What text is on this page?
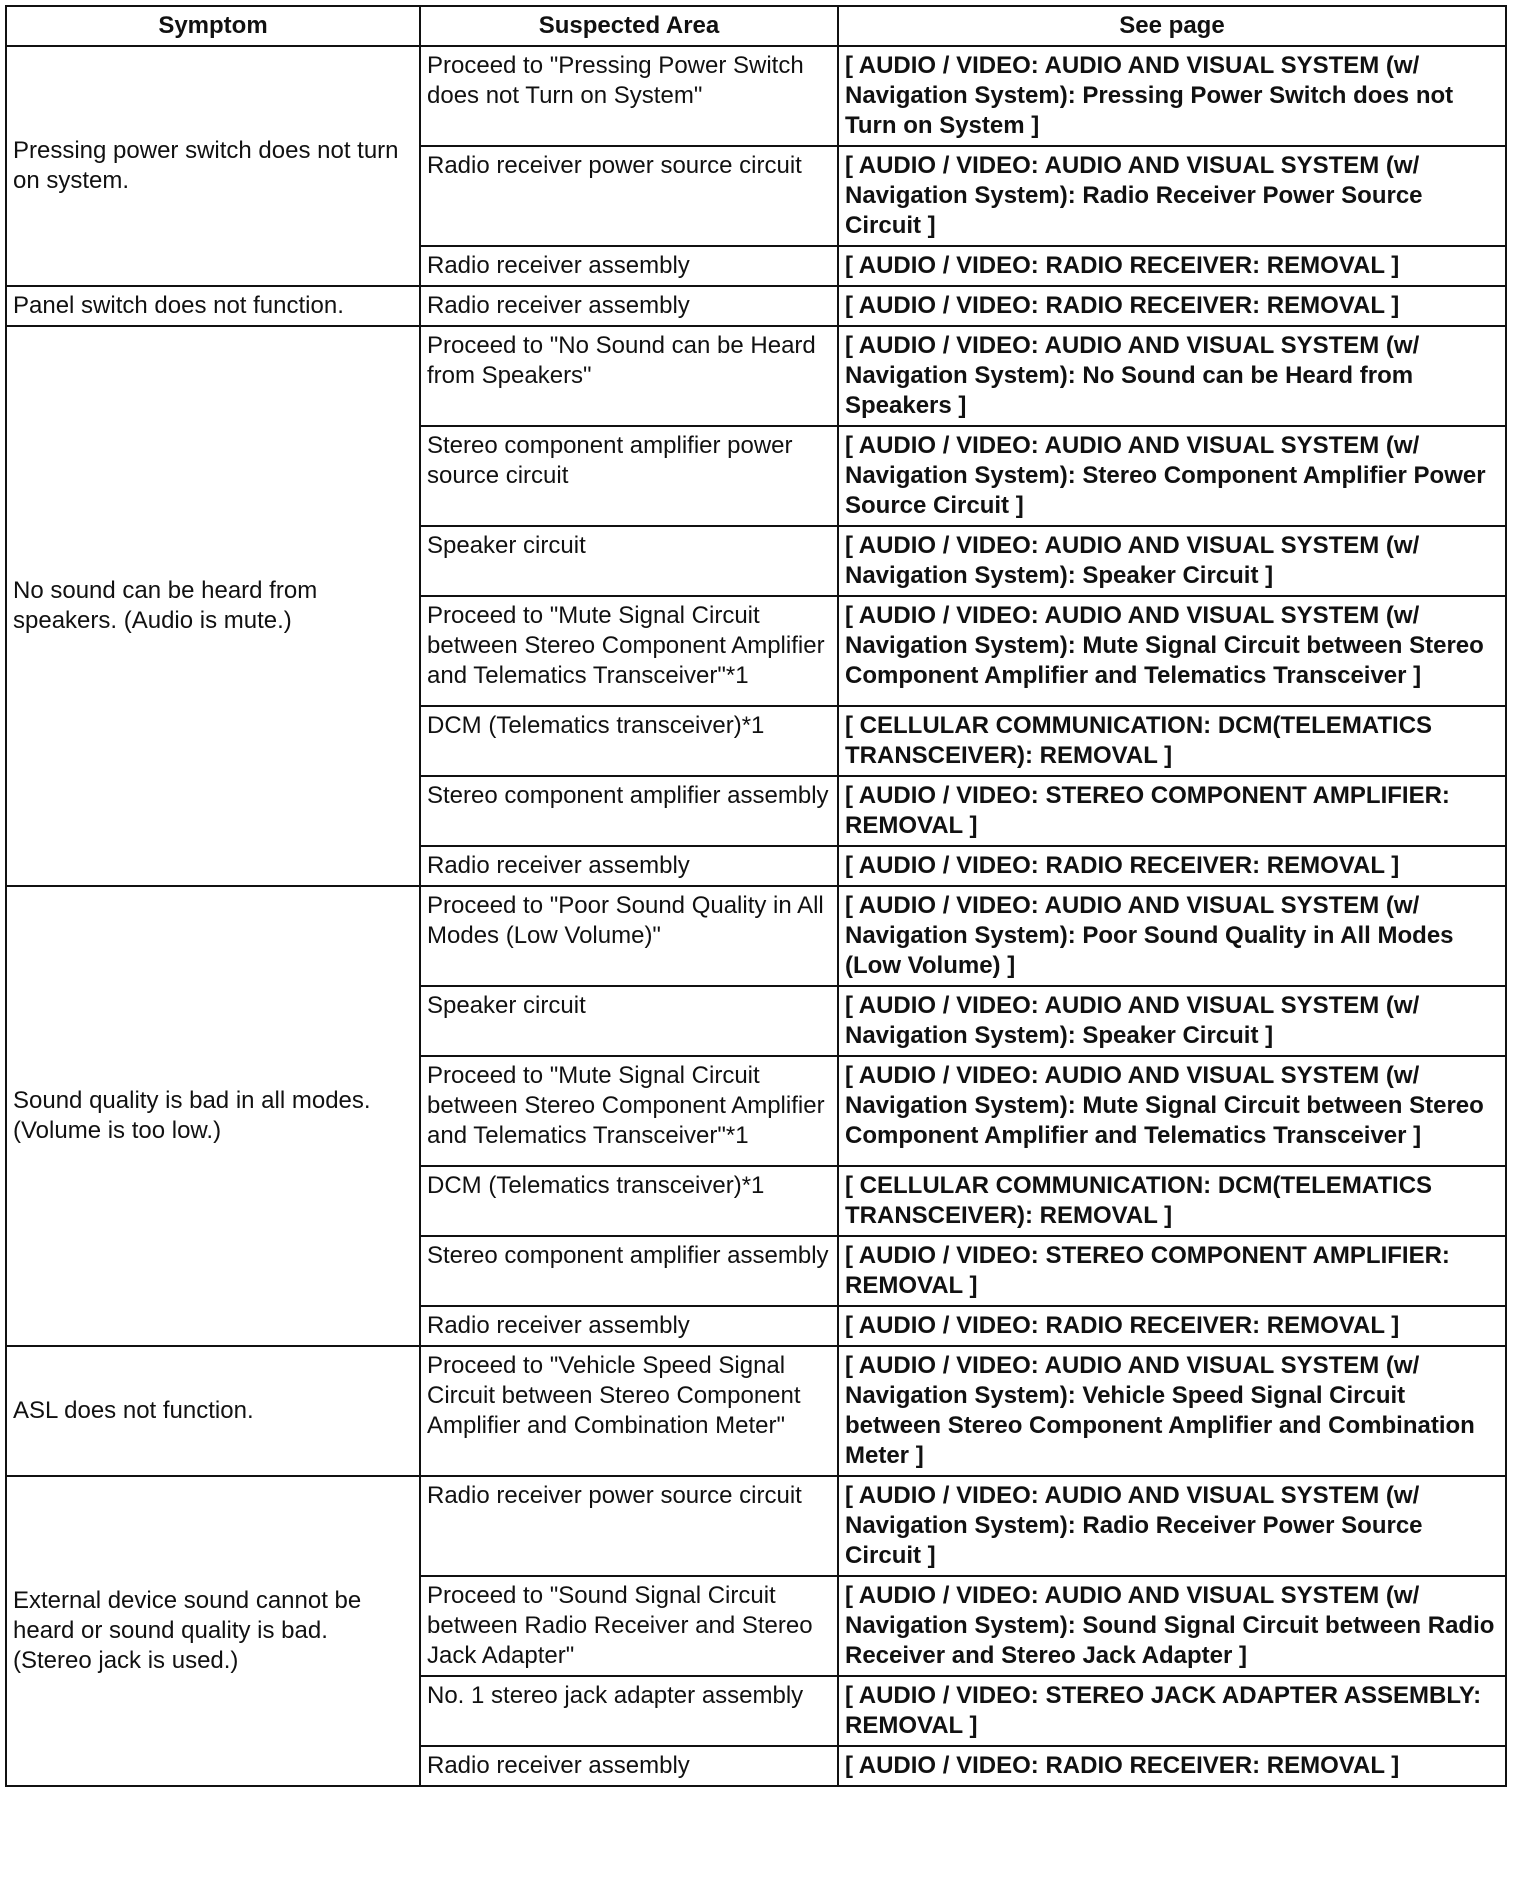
Symptom	Suspected Area	See page
Pressing power switch does not turn on system.	Proceed to "Pressing Power Switch does not Turn on System"	[ AUDIO / VIDEO: AUDIO AND VISUAL SYSTEM (w/ Navigation System): Pressing Power Switch does not Turn on System ]
	Radio receiver power source circuit	[ AUDIO / VIDEO: AUDIO AND VISUAL SYSTEM (w/ Navigation System): Radio Receiver Power Source Circuit ]
	Radio receiver assembly	[ AUDIO / VIDEO: RADIO RECEIVER: REMOVAL ]
Panel switch does not function.	Radio receiver assembly	[ AUDIO / VIDEO: RADIO RECEIVER: REMOVAL ]
No sound can be heard from speakers. (Audio is mute.)	Proceed to "No Sound can be Heard from Speakers"	[ AUDIO / VIDEO: AUDIO AND VISUAL SYSTEM (w/ Navigation System): No Sound can be Heard from Speakers ]
	Stereo component amplifier power source circuit	[ AUDIO / VIDEO: AUDIO AND VISUAL SYSTEM (w/ Navigation System): Stereo Component Amplifier Power Source Circuit ]
	Speaker circuit	[ AUDIO / VIDEO: AUDIO AND VISUAL SYSTEM (w/ Navigation System): Speaker Circuit ]
	Proceed to "Mute Signal Circuit between Stereo Component Amplifier and Telematics Transceiver"*1	[ AUDIO / VIDEO: AUDIO AND VISUAL SYSTEM (w/ Navigation System): Mute Signal Circuit between Stereo Component Amplifier and Telematics Transceiver ]
	DCM (Telematics transceiver)*1	[ CELLULAR COMMUNICATION: DCM(TELEMATICS TRANSCEIVER): REMOVAL ]
	Stereo component amplifier assembly	[ AUDIO / VIDEO: STEREO COMPONENT AMPLIFIER: REMOVAL ]
	Radio receiver assembly	[ AUDIO / VIDEO: RADIO RECEIVER: REMOVAL ]
Sound quality is bad in all modes. (Volume is too low.)	Proceed to "Poor Sound Quality in All Modes (Low Volume)"	[ AUDIO / VIDEO: AUDIO AND VISUAL SYSTEM (w/ Navigation System): Poor Sound Quality in All Modes (Low Volume) ]
	Speaker circuit	[ AUDIO / VIDEO: AUDIO AND VISUAL SYSTEM (w/ Navigation System): Speaker Circuit ]
	Proceed to "Mute Signal Circuit between Stereo Component Amplifier and Telematics Transceiver"*1	[ AUDIO / VIDEO: AUDIO AND VISUAL SYSTEM (w/ Navigation System): Mute Signal Circuit between Stereo Component Amplifier and Telematics Transceiver ]
	DCM (Telematics transceiver)*1	[ CELLULAR COMMUNICATION: DCM(TELEMATICS TRANSCEIVER): REMOVAL ]
	Stereo component amplifier assembly	[ AUDIO / VIDEO: STEREO COMPONENT AMPLIFIER: REMOVAL ]
	Radio receiver assembly	[ AUDIO / VIDEO: RADIO RECEIVER: REMOVAL ]
ASL does not function.	Proceed to "Vehicle Speed Signal Circuit between Stereo Component Amplifier and Combination Meter"	[ AUDIO / VIDEO: AUDIO AND VISUAL SYSTEM (w/ Navigation System): Vehicle Speed Signal Circuit between Stereo Component Amplifier and Combination Meter ]
External device sound cannot be heard or sound quality is bad. (Stereo jack is used.)	Radio receiver power source circuit	[ AUDIO / VIDEO: AUDIO AND VISUAL SYSTEM (w/ Navigation System): Radio Receiver Power Source Circuit ]
	Proceed to "Sound Signal Circuit between Radio Receiver and Stereo Jack Adapter"	[ AUDIO / VIDEO: AUDIO AND VISUAL SYSTEM (w/ Navigation System): Sound Signal Circuit between Radio Receiver and Stereo Jack Adapter ]
	No. 1 stereo jack adapter assembly	[ AUDIO / VIDEO: STEREO JACK ADAPTER ASSEMBLY: REMOVAL ]
	Radio receiver assembly	[ AUDIO / VIDEO: RADIO RECEIVER: REMOVAL ]
